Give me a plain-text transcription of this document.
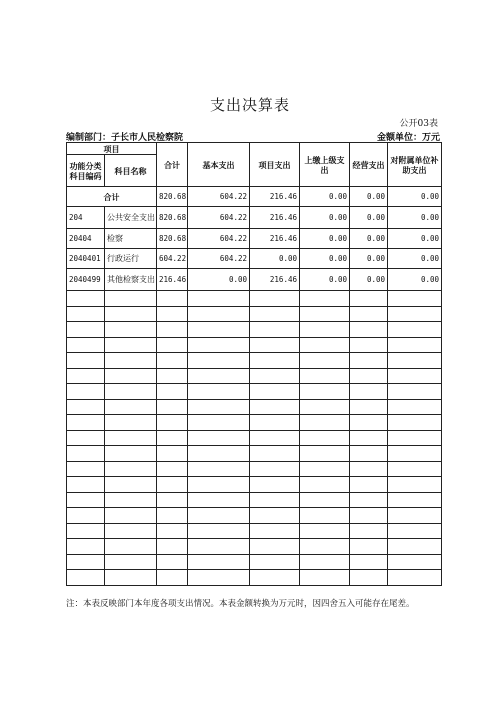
支出决算表
公开03表
编制部门：子长市人民检察院	金额单位：万元
项目		合计	基本支出	项目支出	上缴上级支出	经营支出	对附属单位补助支出
功能分类科目编码	科目名称						
合计		820.68	604.22	216.46	0.00	0.00	0.00
204	公共安全支出	820.68	604.22	216.46	0.00	0.00	0.00
20404	检察	820.68	604.22	216.46	0.00	0.00	0.00
2040401	行政运行	604.22	604.22	0.00	0.00	0.00	0.00
2040499	其他检察支出	216.46	0.00	216.46	0.00	0.00	0.00

注：本表反映部门本年度各项支出情况。本表金额转换为万元时，因四舍五入可能存在尾差。
